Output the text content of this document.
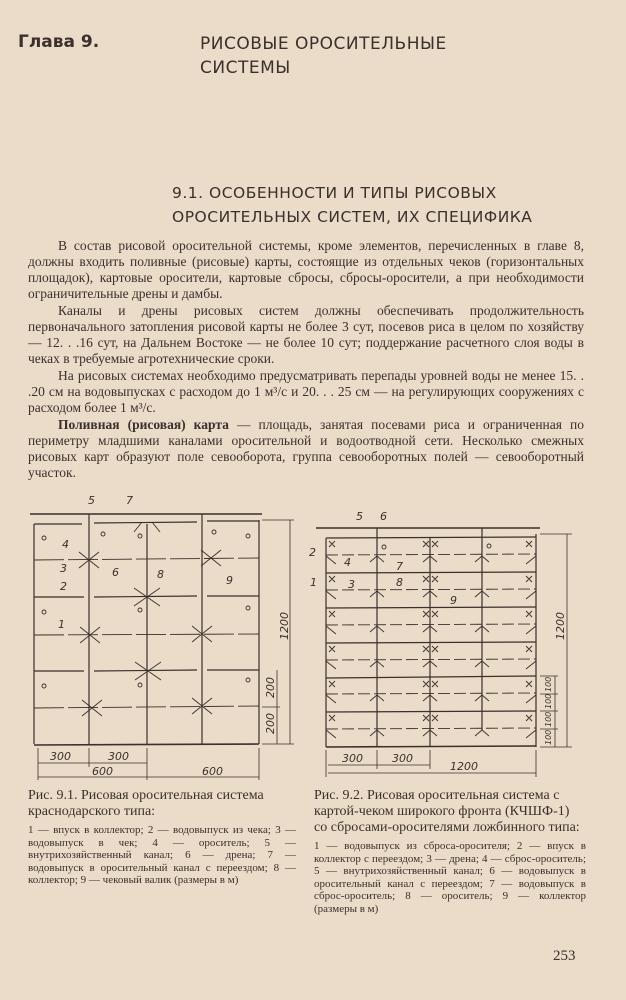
Глава 9.	РИСОВЫЕ ОРОСИТЕЛЬНЫЕ
СИСТЕМЫ
9.1. ОСОБЕННОСТИ И ТИПЫ РИСОВЫХ
ОРОСИТЕЛЬНЫХ СИСТЕМ, ИХ СПЕЦИФИКА

В состав рисовой оросительной системы, кроме элементов, перечисленных в главе 8, должны входить поливные (рисовые) карты, состоящие из отдельных чеков (горизонтальных площадок), картовые оросители, картовые сбросы, сбросы-оросители, а при необходимости ограничительные дрены и дамбы.

Каналы и дрены рисовых систем должны обеспечивать продолжительность первоначального затопления рисовой карты не более 3 сут, посевов риса в целом по хозяйству — 12. . .16 сут, на Дальнем Востоке — не более 10 сут; поддержание расчетного слоя воды в чеках в требуемые агротехнические сроки.

На рисовых системах необходимо предусматривать перепады уровней воды не менее 15. . .20 см на водовыпусках с расходом до 1 м³/с и 20. . . 25 см — на регулирующих сооружениях с расходом более 1 м³/с.

Поливная (рисовая) карта — площадь, занятая посевами риса и ограниченная по периметру младшими каналами оросительной и водоотводной сети. Несколько смежных рисовых карт образуют поле севооборота, группа севооборотных полей — севооборотный участок.

5	7
4
3	6	8	9
2
1	1200
200
200
300	300
600	600
5 6
2
4	7
1	3	8
9
1200
100
100
100
100
300	300
1200
Рис. 9.1. Рисовая оросительная система краснодарского типа:
1 — впуск в коллектор; 2 — водовыпуск из чека; 3 — водовыпуск в чек; 4 — ороситель; 5 — внутрихозяйственный канал; 6 — дрена; 7 — водовыпуск в оросительный канал с переездом; 8 — коллектор; 9 — чековый валик (размеры в м)
Рис. 9.2. Рисовая оросительная система с картой-чеком широкого фронта (КЧШФ-1) со сбросами-оросителями ложбинного типа:
1 — водовыпуск из сброса-оросителя; 2 — впуск в коллектор с переездом; 3 — дрена; 4 — сброс-ороситель; 5 — внутрихозяйственный канал; 6 — водовыпуск в оросительный канал с переездом; 7 — водовыпуск в сброс-ороситель; 8 — ороситель; 9 — коллектор (размеры в м)
253
